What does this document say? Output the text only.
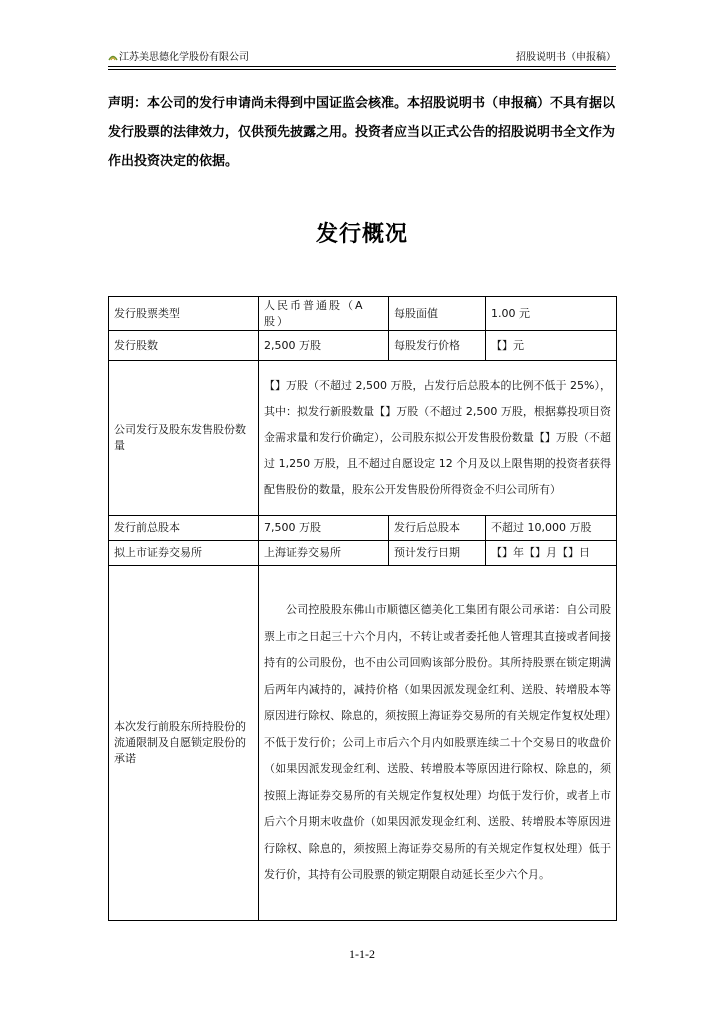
江苏美思德化学股份有限公司	招股说明书（申报稿）

声明：本公司的发行申请尚未得到中国证监会核准。本招股说明书（申报稿）不具有据以发行股票的法律效力，仅供预先披露之用。投资者应当以正式公告的招股说明书全文作为作出投资决定的依据。

发行概况
发行股票类型	人民币普通股（A股）	每股面值	1.00 元
发行股数	2,500 万股	每股发行价格	【】元
公司发行及股东发售股份数量	【】万股（不超过 2,500 万股，占发行后总股本的比例不低于 25%），其中：拟发行新股数量【】万股（不超过 2,500 万股，根据募投项目资金需求量和发行价确定），公司股东拟公开发售股份数量【】万股（不超过 1,250 万股，且不超过自愿设定 12 个月及以上限售期的投资者获得配售股份的数量，股东公开发售股份所得资金不归公司所有）		

发行前总股本	7,500 万股	发行后总股本	不超过 10,000 万股
拟上市证券交易所	上海证券交易所	预计发行日期	【】年【】月【】日
本次发行前股东所持股份的流通限制及自愿锁定股份的承诺	公司控股股东佛山市顺德区德美化工集团有限公司承诺：自公司股票上市之日起三十六个月内，不转让或者委托他人管理其直接或者间接持有的公司股份，也不由公司回购该部分股份。其所持股票在锁定期满后两年内减持的，减持价格（如果因派发现金红利、送股、转增股本等原因进行除权、除息的，须按照上海证券交易所的有关规定作复权处理）不低于发行价；公司上市后六个月内如股票连续二十个交易日的收盘价（如果因派发现金红利、送股、转增股本等原因进行除权、除息的，须按照上海证券交易所的有关规定作复权处理）均低于发行价，或者上市后六个月期末收盘价（如果因派发现金红利、送股、转增股本等原因进行除权、除息的，须按照上海证券交易所的有关规定作复权处理）低于发行价，其持有公司股票的锁定期限自动延长至少六个月。		
1-1-2
